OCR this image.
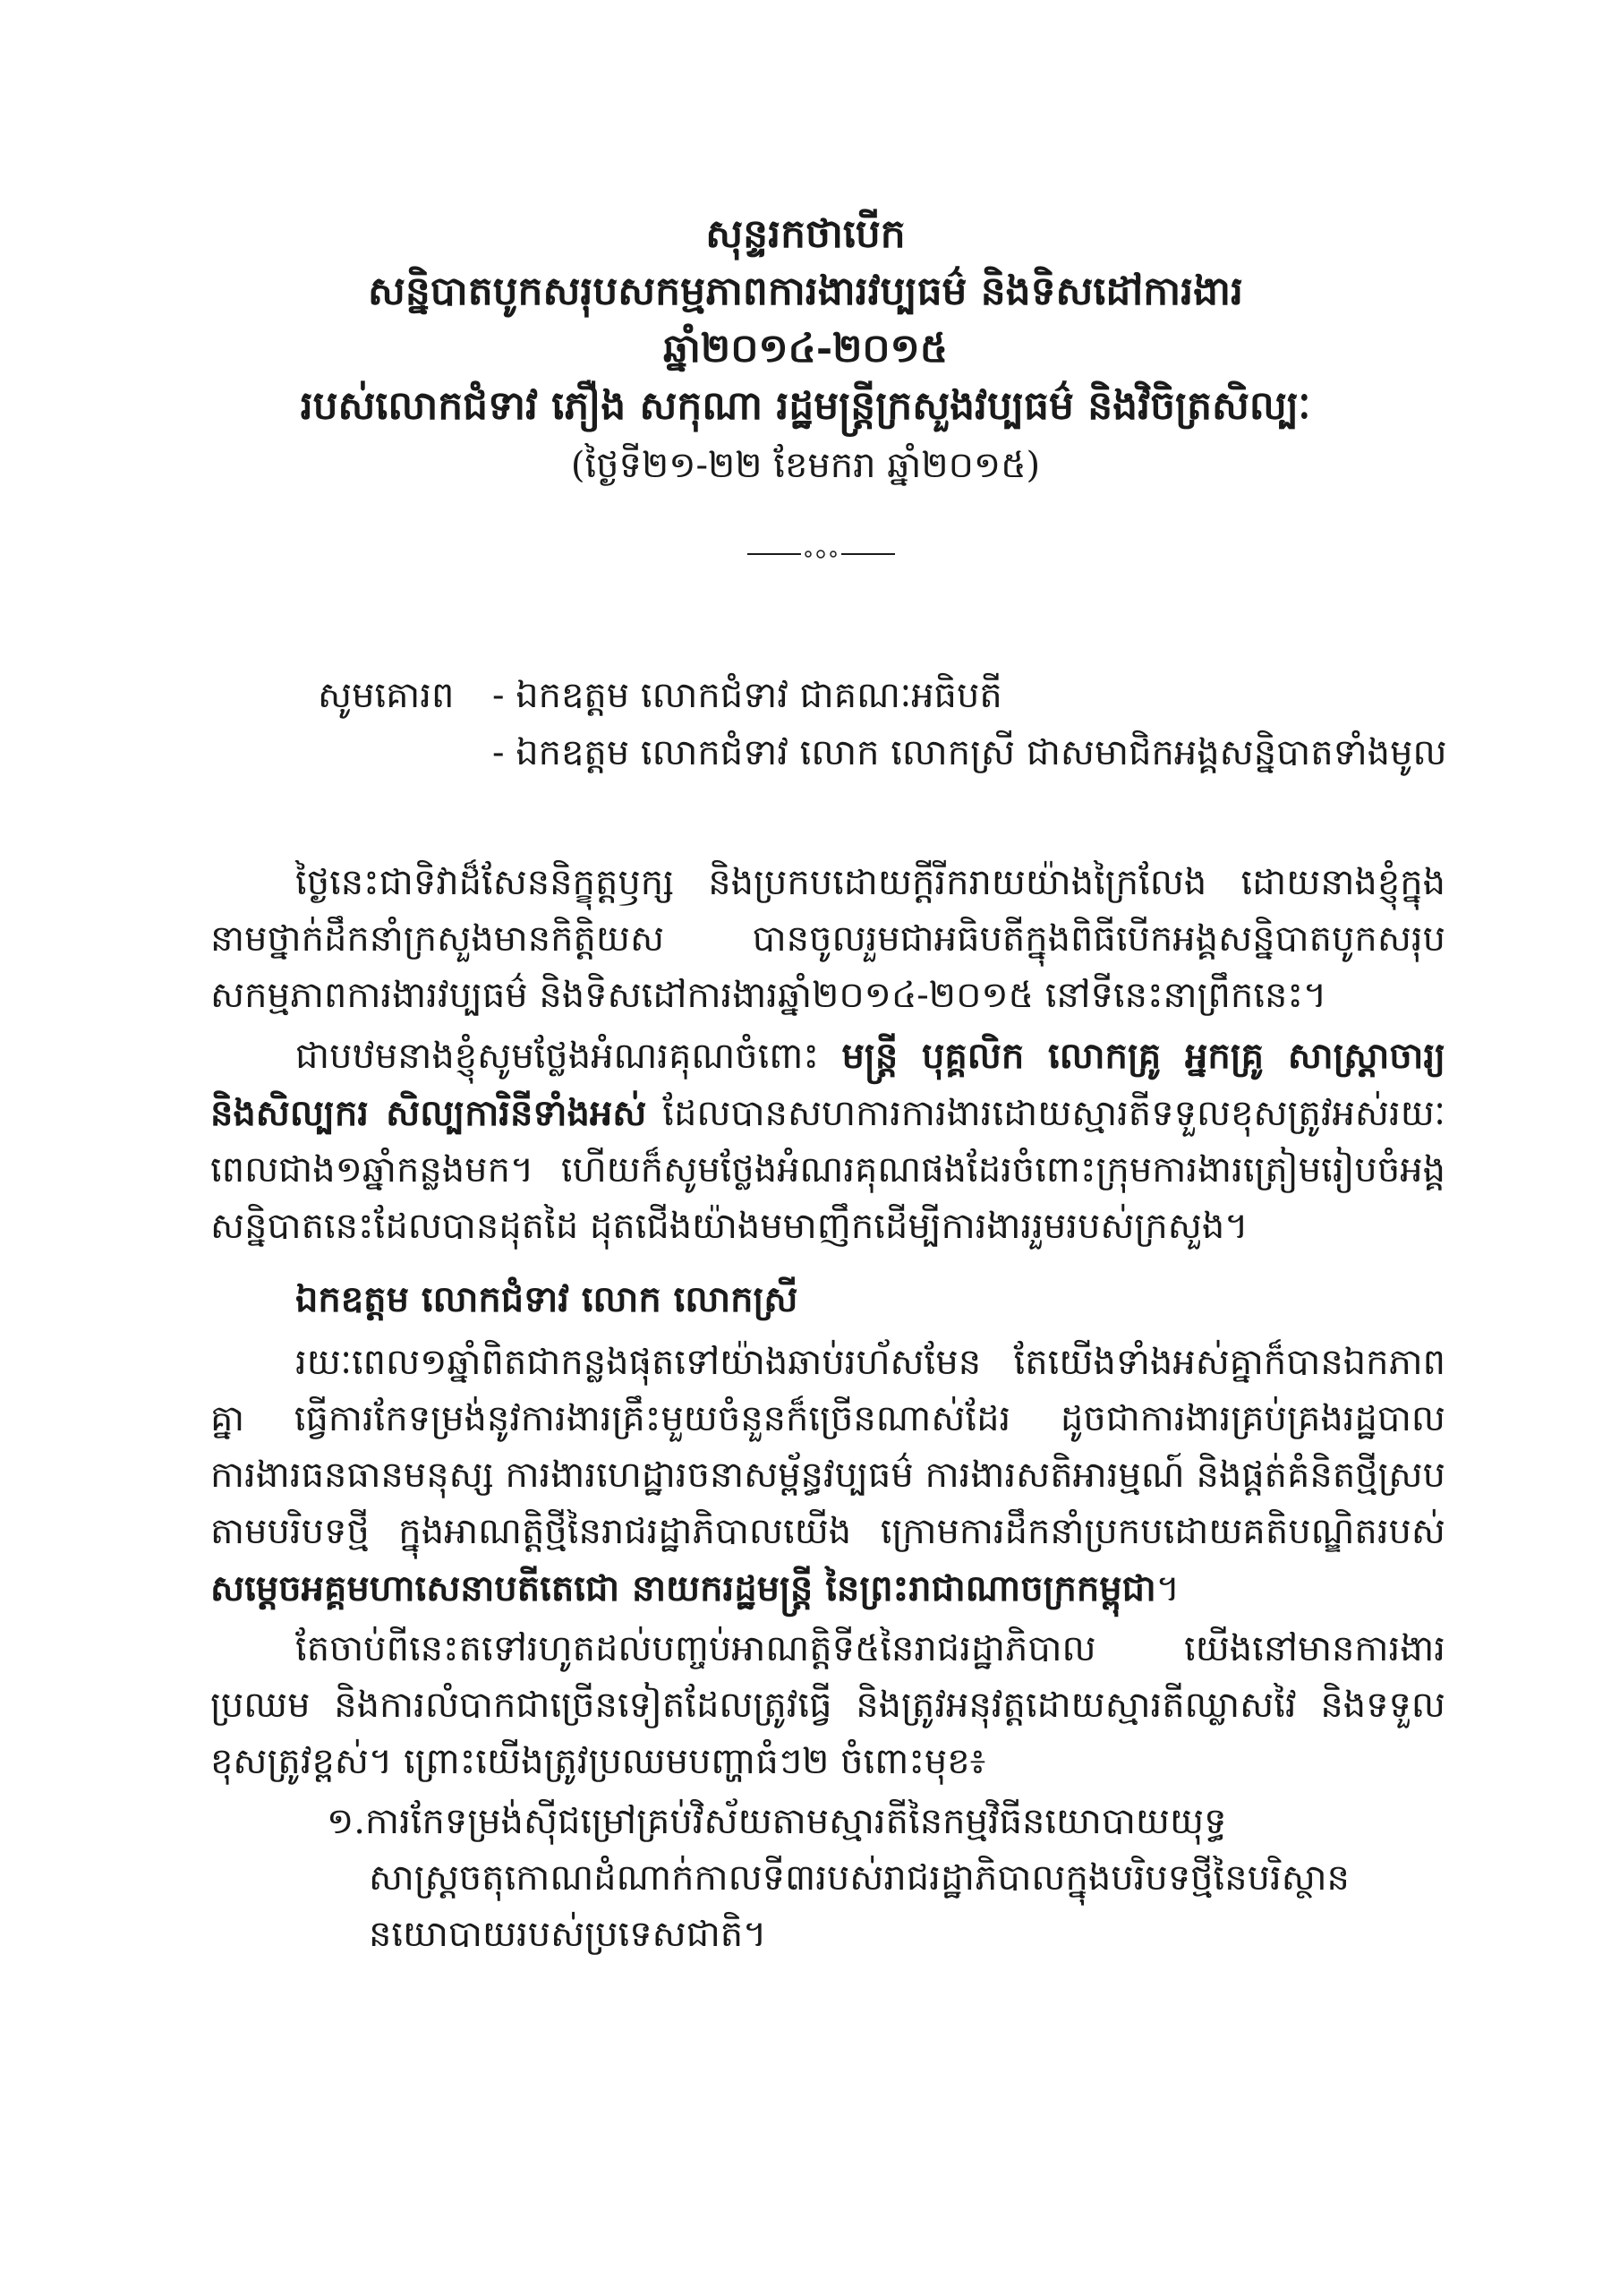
សុន្ទរកថាបើក
សន្និបាតបូកសរុបសកម្មភាពការងារវប្បធម៌ និងទិសដៅការងារ
ឆ្នាំ២០១៤-២០១៥
របស់លោកជំទាវ ភឿង សកុណា រដ្ឋមន្ត្រីក្រសួងវប្បធម៌ និងវិចិត្រសិល្បៈ
(ថ្ងៃទី២១-២២ ខែមករា ឆ្នាំ២០១៥)
សូមគោរព - ឯកឧត្តម លោកជំទាវ ជាគណៈអធិបតី
- ឯកឧត្តម លោកជំទាវ លោក លោកស្រី ជាសមាជិកអង្គសន្និបាតទាំងមូល

ថ្ងៃនេះជាទិវាដ៏សែននិក្ខុត្តឫក្ស និងប្រកបដោយក្តីរីករាយយ៉ាងក្រៃលែង ដោយនាងខ្ញុំក្នុងនាមថ្នាក់ដឹកនាំក្រសួងមានកិត្តិយស បានចូលរួមជាអធិបតីក្នុងពិធីបើកអង្គសន្និបាតបូកសរុបសកម្មភាពការងារវប្បធម៌ និងទិសដៅការងារឆ្នាំ២០១៤-២០១៥ នៅទីនេះនាព្រឹកនេះ។

ជាបឋមនាងខ្ញុំសូមថ្លែងអំណរគុណចំពោះ មន្ត្រី បុគ្គលិក លោកគ្រូ អ្នកគ្រូ សាស្ត្រាចារ្យ និងសិល្បករ សិល្បការិនីទាំងអស់ ដែលបានសហការការងារដោយស្មារតីទទួលខុសត្រូវអស់រយៈពេលជាង១ឆ្នាំកន្លងមក។ ហើយក៏សូមថ្លែងអំណរគុណផងដែរចំពោះក្រុមការងារត្រៀមរៀបចំអង្គសន្និបាតនេះដែលបានដុតដៃ ដុតជើងយ៉ាងមមាញឹកដើម្បីការងាររួមរបស់ក្រសួង។

ឯកឧត្តម លោកជំទាវ លោក លោកស្រី

រយៈពេល១ឆ្នាំពិតជាកន្លងផុតទៅយ៉ាងឆាប់រហ័សមែន តែយើងទាំងអស់គ្នាក៏បានឯកភាពគ្នា ធ្វើការកែទម្រង់នូវការងារគ្រឹះមួយចំនួនក៏ច្រើនណាស់ដែរ ដូចជាការងារគ្រប់គ្រងរដ្ឋបាល ការងារធនធានមនុស្ស ការងារហេដ្ឋារចនាសម្ព័ន្ធវប្បធម៌ ការងារសតិអារម្មណ៍ និងផ្តត់គំនិតថ្មីស្របតាមបរិបទថ្មី ក្នុងអាណត្តិថ្មីនៃរាជរដ្ឋាភិបាលយើង ក្រោមការដឹកនាំប្រកបដោយគតិបណ្ឌិតរបស់ សម្តេចអគ្គមហាសេនាបតីតេជោ នាយករដ្ឋមន្ត្រី នៃព្រះរាជាណាចក្រកម្ពុជា។

តែចាប់ពីនេះតទៅរហូតដល់បញ្ចប់អាណត្តិទី៥នៃរាជរដ្ឋាភិបាល យើងនៅមានការងារប្រឈម និងការលំបាកជាច្រើនទៀតដែលត្រូវធ្វើ និងត្រូវអនុវត្តដោយស្មារតីឈ្លាសវៃ និងទទួលខុសត្រូវខ្ពស់។ ព្រោះយើងត្រូវប្រឈមបញ្ហាធំៗ២ ចំពោះមុខ៖

១.ការកែទម្រង់ស៊ីជម្រៅគ្រប់វិស័យតាមស្មារតីនៃកម្មវិធីនយោបាយយុទ្ធសាស្ត្រចតុកោណដំណាក់កាលទី៣របស់រាជរដ្ឋាភិបាលក្នុងបរិបទថ្មីនៃបរិស្ថាននយោបាយរបស់ប្រទេសជាតិ។
